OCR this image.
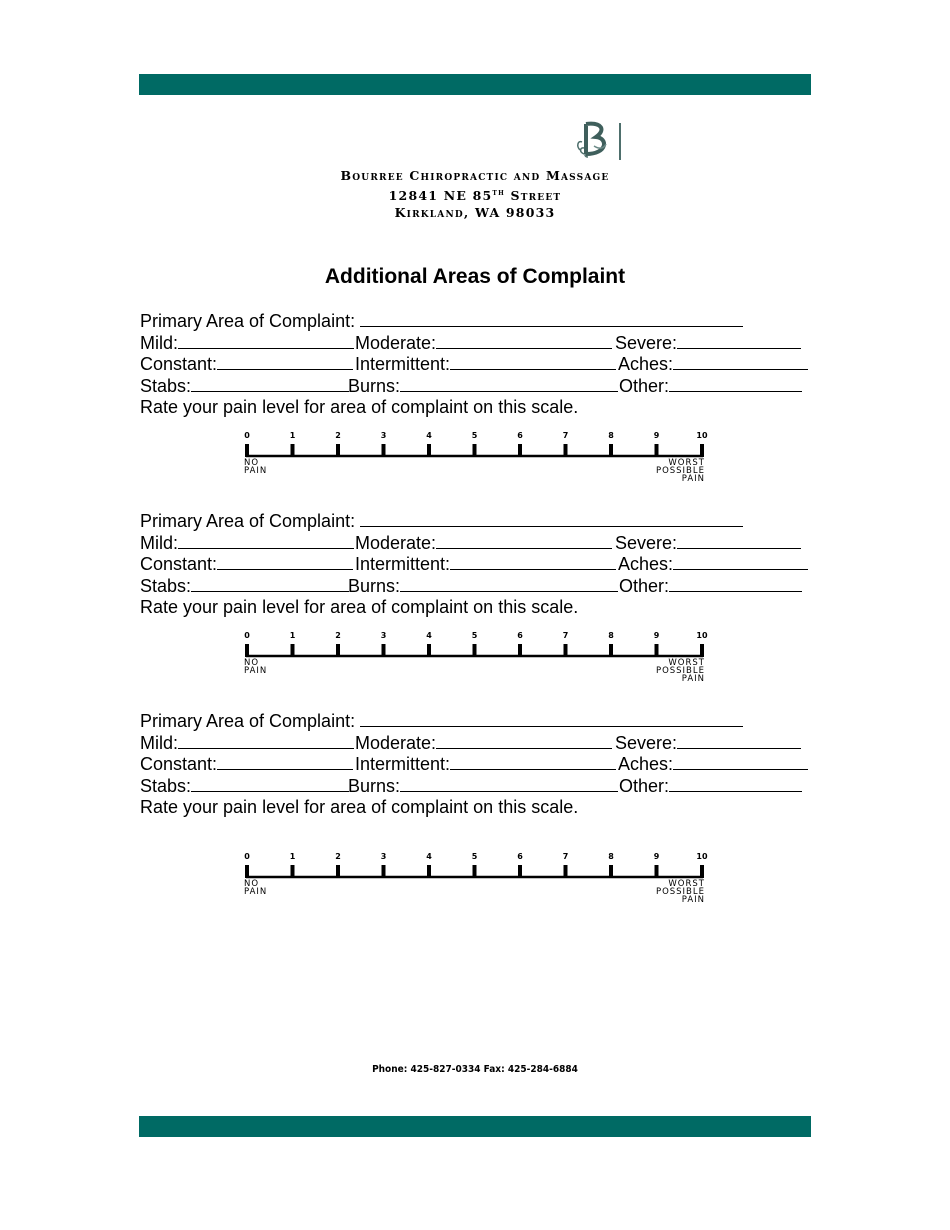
Bourree Chiropractic and Massage
12841 NE 85th Street
Kirkland, WA 98033
Additional Areas of Complaint
Primary Area of Complaint:
Mild:	Moderate:	Severe:
Constant:	Intermittent:	Aches:
Stabs:	Burns:	Other:
Rate your pain level for area of complaint on this scale.
0	1	2	3	4	5	6	7	8	9	10
NO
PAIN
WORST
POSSIBLE
PAIN
Primary Area of Complaint:
Mild:	Moderate:	Severe:
Constant:	Intermittent:	Aches:
Stabs:	Burns:	Other:
Rate your pain level for area of complaint on this scale.
0	1	2	3	4	5	6	7	8	9	10
NO
PAIN
WORST
POSSIBLE
PAIN
Primary Area of Complaint:
Mild:	Moderate:	Severe:
Constant:	Intermittent:	Aches:
Stabs:	Burns:	Other:
Rate your pain level for area of complaint on this scale.
0	1	2	3	4	5	6	7	8	9	10
NO
PAIN
WORST
POSSIBLE
PAIN
Phone: 425-827-0334 Fax: 425-284-6884
